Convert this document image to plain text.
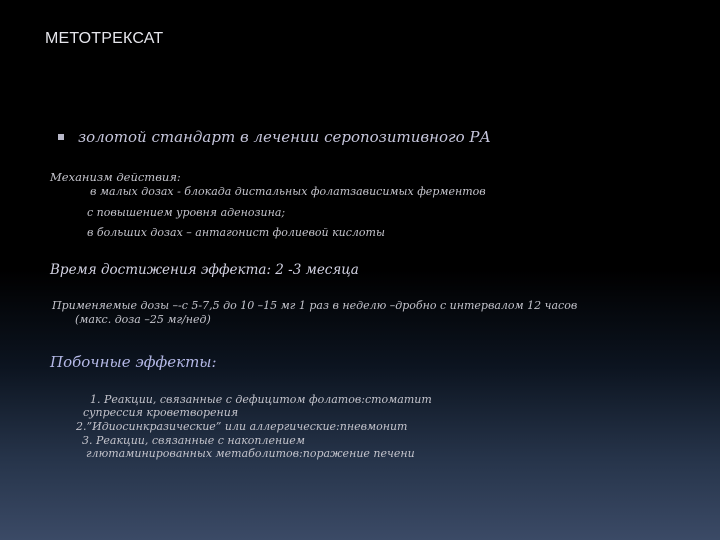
МЕТОТРЕКСАТ
золотой стандарт в лечении серопозитивного РА
Механизм действия:
в малых дозах - блокада дистальных фолатзависимых ферментов
с повышением уровня аденозина;
в больших дозах – антагонист фолиевой кислоты
Время достижения эффекта: 2 -3 месяца
Применяемые дозы –-с 5-7,5 до 10 –15 мг 1 раз в неделю –дробно с интервалом 12 часов
(макс. доза –25 мг/нед)
Побочные эффекты:
1. Реакции, связанные с дефицитом фолатов:стоматит
супрессия кроветворения
2.”Идиосинкразические” или аллергические:пневмонит
3. Реакции, связанные с накоплением
глютаминированных метаболитов:поражение печени
